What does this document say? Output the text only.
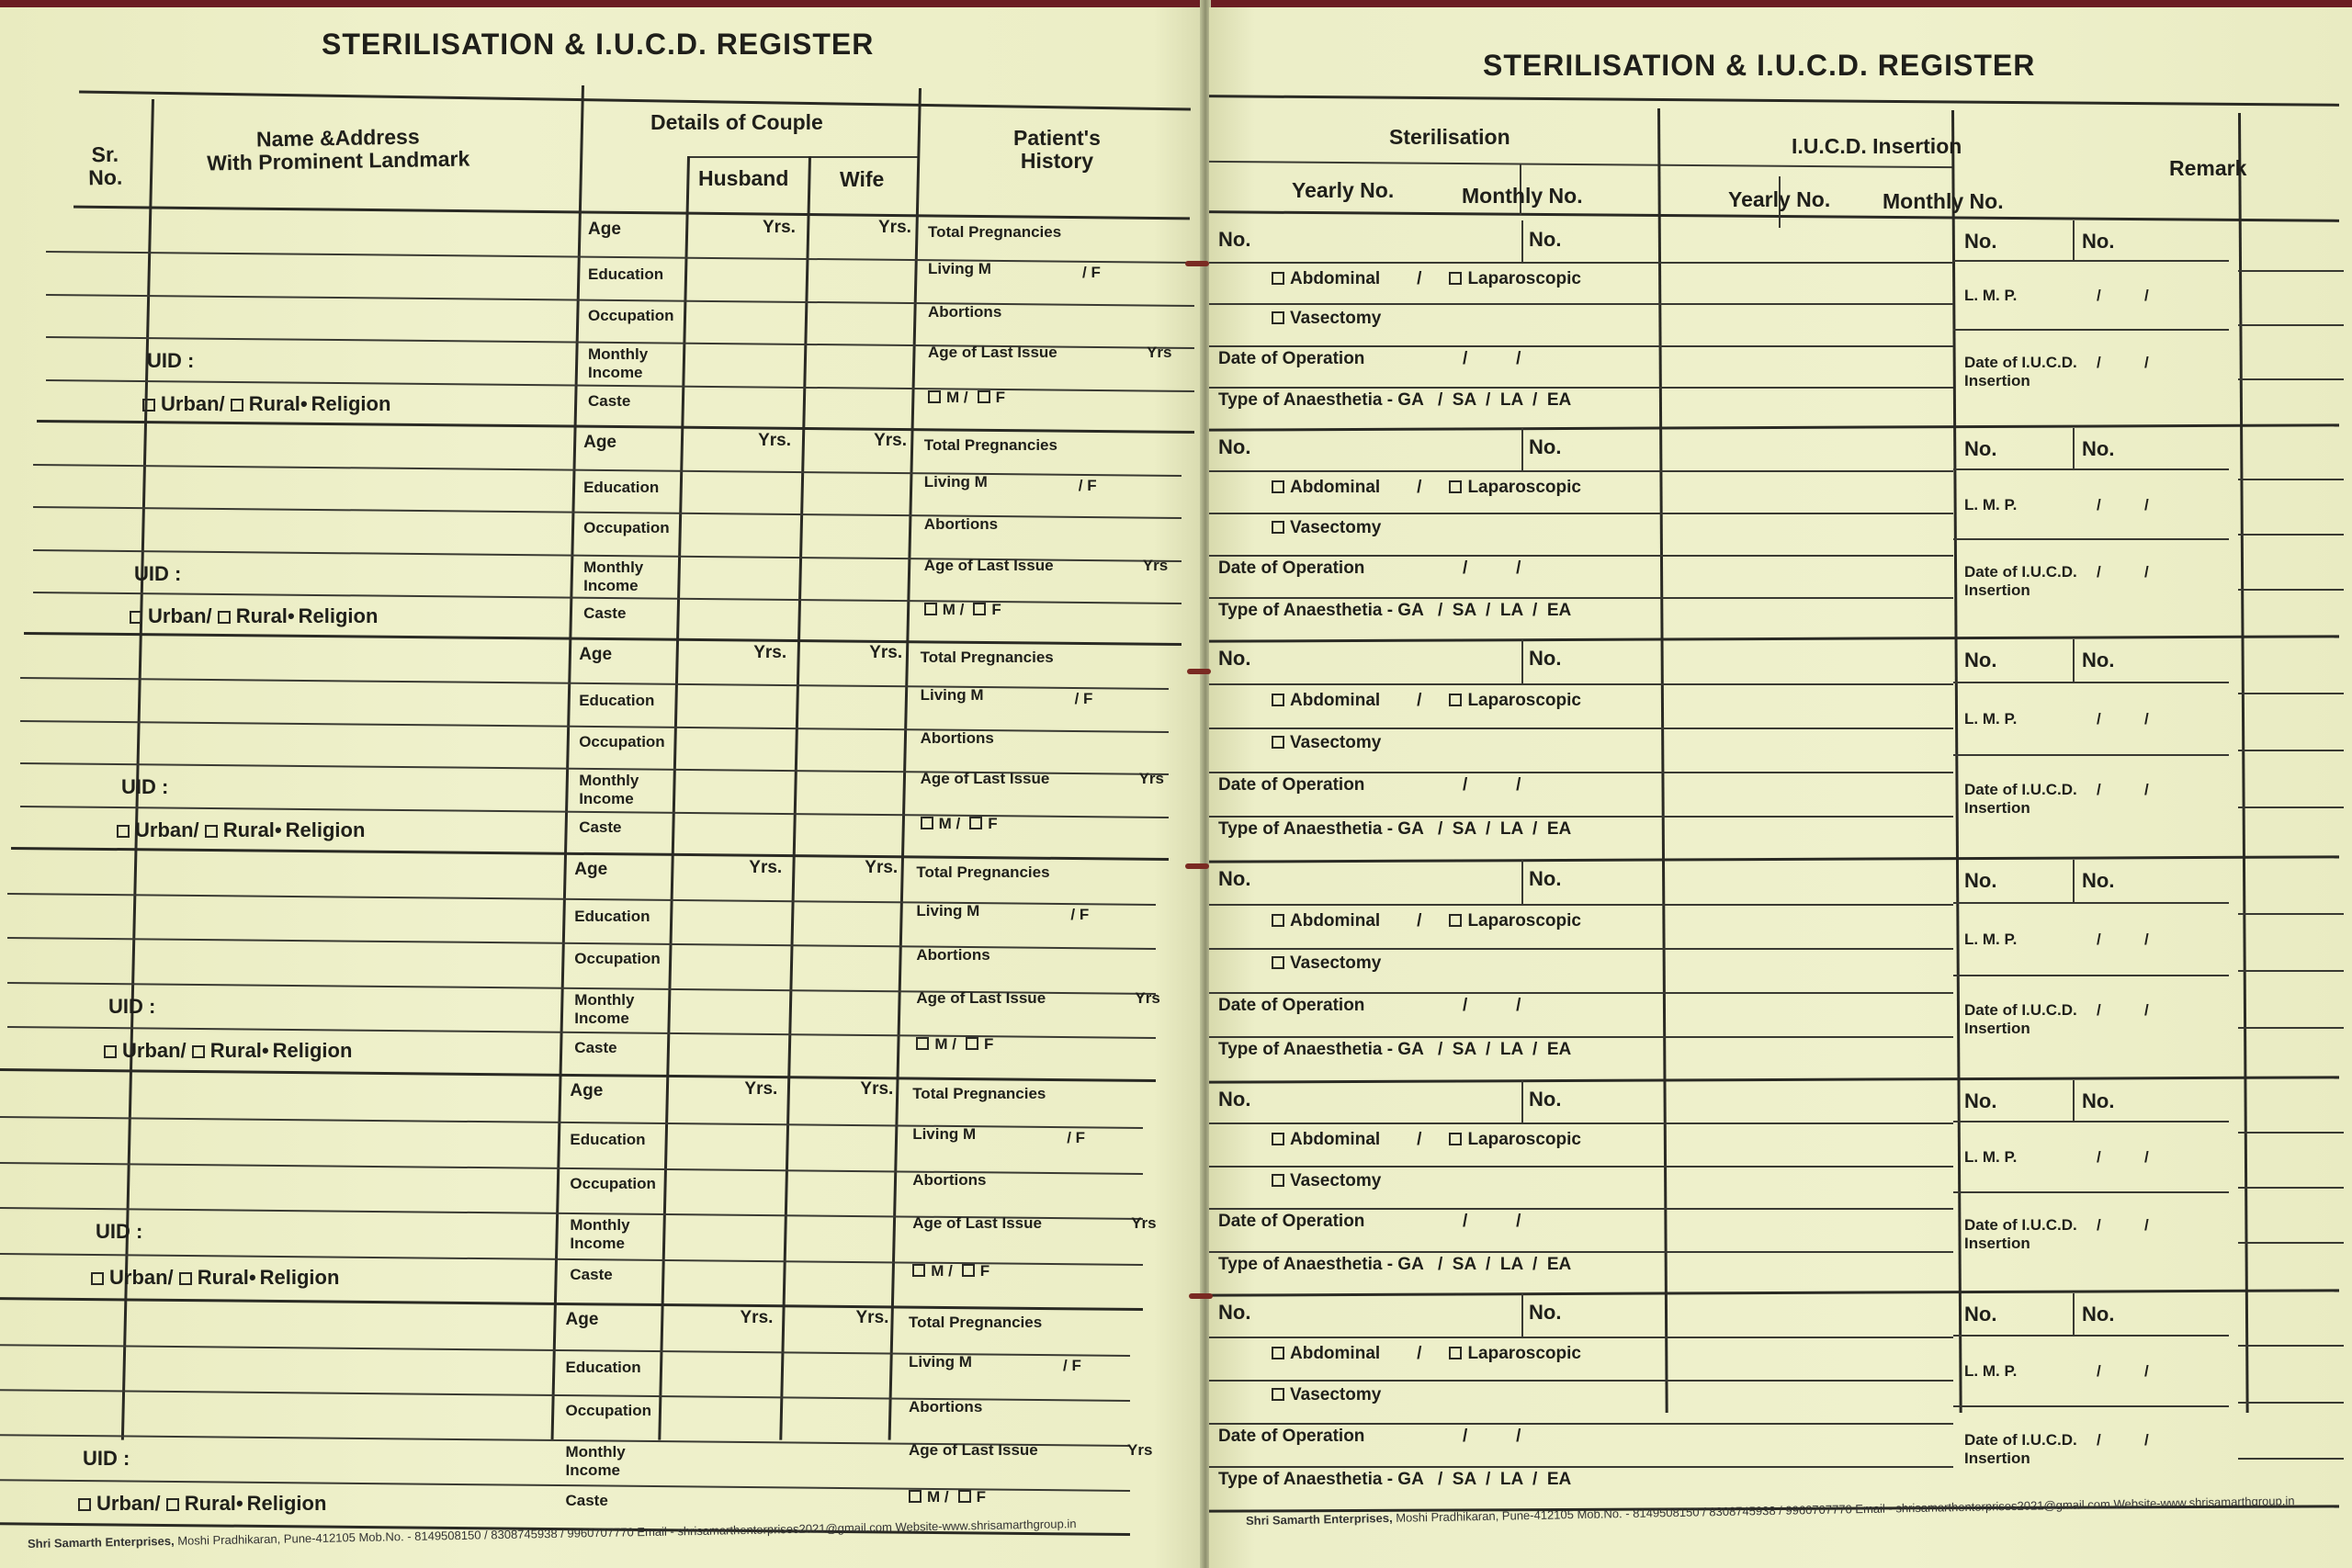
STERILISATION & I.U.C.D. REGISTER
Sr.
No.
Name &Address
With Prominent Landmark
Details of Couple
Husband Wife
Patient's
History
UID :
Urban/ Rural• Religion
Age	Yrs.	Yrs.
Education
Occupation
Monthly
Income
Caste
Total Pregnancies
Living M	/ F
Abortions
Age of Last Issue	Yrs
M / F
UID :
Urban/ Rural• Religion
Age	Yrs.	Yrs.
Education
Occupation
Monthly
Income
Caste
Total Pregnancies
Living M	/ F
Abortions
Age of Last Issue	Yrs
M / F
UID :
Urban/ Rural• Religion
Age	Yrs.	Yrs.
Education
Occupation
Monthly
Income
Caste
Total Pregnancies
Living M	/ F
Abortions
Age of Last Issue	Yrs
M / F
UID :
Urban/ Rural• Religion
Age	Yrs.	Yrs.
Education
Occupation
Monthly
Income
Caste
Total Pregnancies
Living M	/ F
Abortions
Age of Last Issue	Yrs
M / F
UID :
Urban/ Rural• Religion
Age	Yrs.	Yrs.
Education
Occupation
Monthly
Income
Caste
Total Pregnancies
Living M	/ F
Abortions
Age of Last Issue	Yrs
M / F
UID :
Urban/ Rural• Religion
Age	Yrs.	Yrs.
Education
Occupation
Monthly
Income
Caste
Total Pregnancies
Living M	/ F
Abortions
Age of Last Issue	Yrs
M / F
Shri Samarth Enterprises, Moshi Pradhikaran, Pune-412105 Mob.No. - 8149508150 / 8308745938 / 9960707770 Email - shrisamarthenterprises2021@gmail.com Website-www.shrisamarthgroup.in
STERILISATION & I.U.C.D. REGISTER
Sterilisation	I.U.C.D. Insertion
Remark
Yearly No.	Monthly No.	Yearly No. Monthly No.
No.	No.
Abdominal /	Laparoscopic
Vasectomy
Date of Operation	/          /
Type of Anaesthetia - GA   /  SA  /  LA  /  EA
No.	No.
L. M. P.	/          /
Date of I.U.C.D.
Insertion
/          /
No.	No.
Abdominal /	Laparoscopic
Vasectomy
Date of Operation	/          /
Type of Anaesthetia - GA   /  SA  /  LA  /  EA
No.	No.
L. M. P.	/          /
Date of I.U.C.D.
Insertion
/          /
No.	No.
Abdominal /	Laparoscopic
Vasectomy
Date of Operation	/          /
Type of Anaesthetia - GA   /  SA  /  LA  /  EA
No.	No.
L. M. P.	/          /
Date of I.U.C.D.
Insertion
/          /
No.	No.
Abdominal /	Laparoscopic
Vasectomy
Date of Operation	/          /
Type of Anaesthetia - GA   /  SA  /  LA  /  EA
No.	No.
L. M. P.	/          /
Date of I.U.C.D.
Insertion
/          /
No.	No.
Abdominal /	Laparoscopic
Vasectomy
Date of Operation	/          /
Type of Anaesthetia - GA   /  SA  /  LA  /  EA
No.	No.
L. M. P.	/          /
Date of I.U.C.D.
Insertion
/          /
No.	No.
Abdominal /	Laparoscopic
Vasectomy
Date of Operation	/          /
Type of Anaesthetia - GA   /  SA  /  LA  /  EA
No.	No.
L. M. P.	/          /
Date of I.U.C.D.
Insertion
/          /
Shri Samarth Enterprises, Moshi Pradhikaran, Pune-412105 Mob.No. - 8149508150 / 8308745938 / 9960707770 Email - shrisamarthenterprises2021@gmail.com Website-www.shrisamarthgroup.in
